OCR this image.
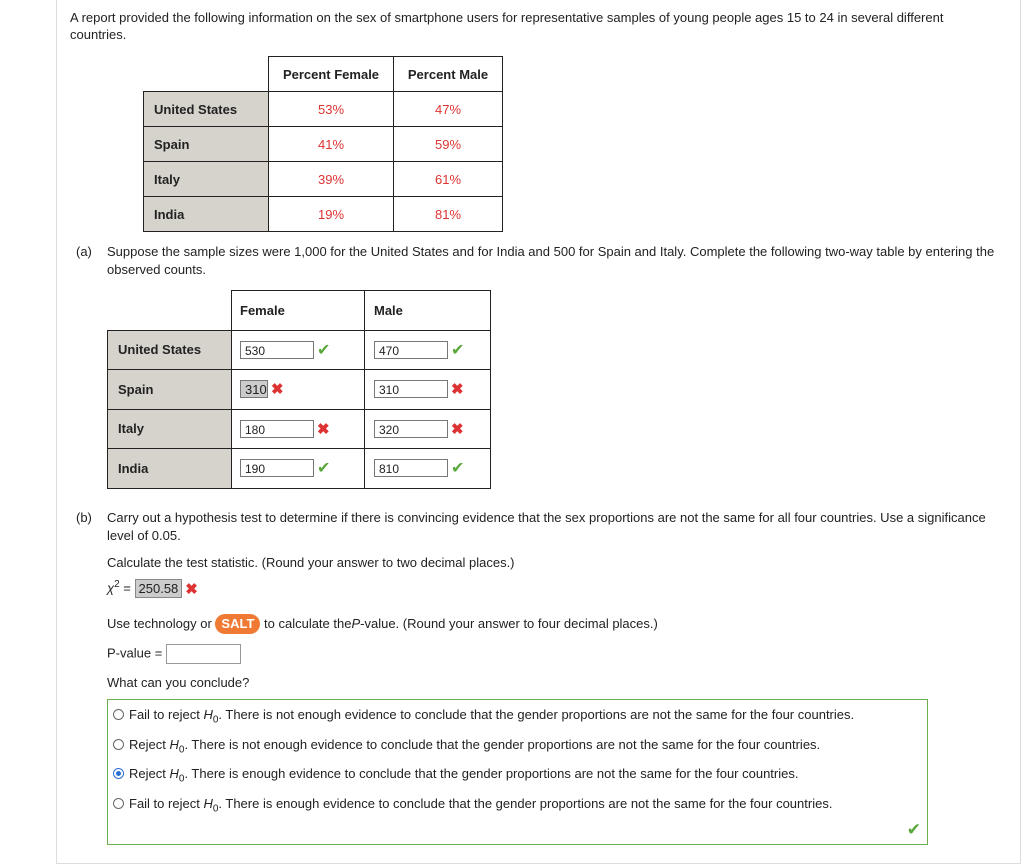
A report provided the following information on the sex of smartphone users for representative samples of young people ages 15 to 24 in several different countries.
	Percent Female	Percent Male
United States	53%	47%
Spain	41%	59%
Italy	39%	61%
India	19%	81%
(a) Suppose the sample sizes were 1,000 for the United States and for India and 500 for Spain and Italy. Complete the following two-way table by entering the observed counts.
	Female	Male
United States	530 ✔	470 ✔
Spain	310 ✖	310 ✖
Italy	180 ✖	320 ✖
India	190 ✔	810 ✔
(b) Carry out a hypothesis test to determine if there is convincing evidence that the sex proportions are not the same for all four countries. Use a significance level of 0.05.
Calculate the test statistic. (Round your answer to two decimal places.)
$\chi^2 = 250.58$ ✖
Use technology or SALT to calculate theP-value. (Round your answer to four decimal places.)
P-value =
What can you conclude?
Fail to reject $H_0$. There is not enough evidence to conclude that the gender proportions are not the same for the four countries.
Reject $H_0$. There is not enough evidence to conclude that the gender proportions are not the same for the four countries.
Reject $H_0$. There is enough evidence to conclude that the gender proportions are not the same for the four countries.
Fail to reject $H_0$. There is enough evidence to conclude that the gender proportions are not the same for the four countries.
✔
